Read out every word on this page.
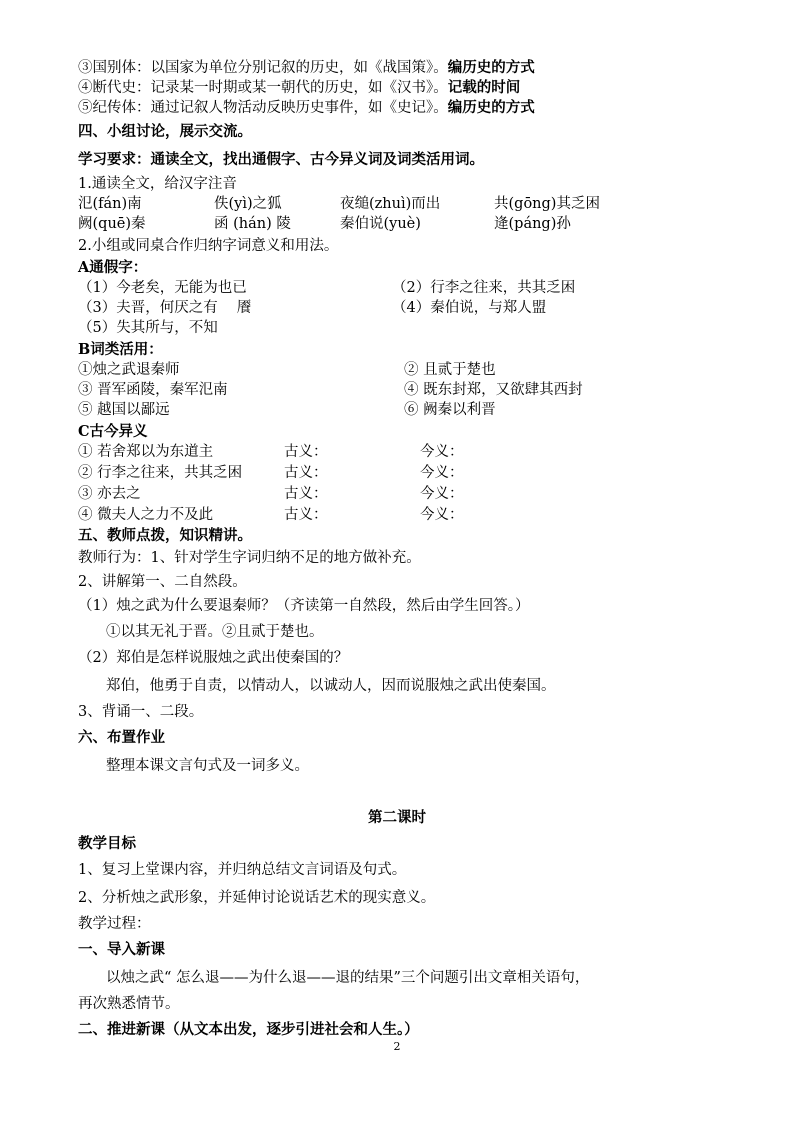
③国别体：以国家为单位分别记叙的历史，如《战国策》。编历史的方式
④断代史：记录某一时期或某一朝代的历史，如《汉书》。记载的时间
⑤纪传体：通过记叙人物活动反映历史事件，如《史记》。编历史的方式
四、小组讨论，展示交流。
学习要求：通读全文，找出通假字、古今异义词及词类活用词。
1.通读全文，给汉字注音
氾(fán)南	佚(yì)之狐	夜缒(zhuì)而出	共(gōng)其乏困
阙(quē)秦	函 (hán) 陵	秦伯说(yuè)	逄(páng)孙
2.小组或同桌合作归纳字词意义和用法。
A通假字：
（1）今老矣，无能为也已	（2）行李之往来，共其乏困
（3）夫晋，何厌之有　 餍	（4）秦伯说，与郑人盟
（5）失其所与，不知
B词类活用：
①烛之武退秦师	② 且贰于楚也
③ 晋军函陵，秦军氾南	④ 既东封郑，又欲肆其西封
⑤ 越国以鄙远	⑥ 阙秦以利晋
C古今异义
① 若舍郑以为东道主	古义：	今义：
② 行李之往来，共其乏困	古义：	今义：
③ 亦去之	古义：	今义：
④ 微夫人之力不及此	古义：	今义：
五、教师点拨，知识精讲。
教师行为：1、针对学生字词归纳不足的地方做补充。
2、讲解第一、二自然段。
（1）烛之武为什么要退秦师？（齐读第一自然段，然后由学生回答。）
①以其无礼于晋。②且贰于楚也。
（2）郑伯是怎样说服烛之武出使秦国的？
郑伯，他勇于自责，以情动人，以诚动人，因而说服烛之武出使秦国。
3、背诵一、二段。
六、布置作业
整理本课文言句式及一词多义。
第二课时
教学目标
1、复习上堂课内容，并归纳总结文言词语及句式。
2、分析烛之武形象，并延伸讨论说话艺术的现实意义。
教学过程：
一、导入新课
以烛之武“ 怎么退——为什么退——退的结果”三个问题引出文章相关语句，
再次熟悉情节。
二、推进新课（从文本出发，逐步引进社会和人生。）
2
